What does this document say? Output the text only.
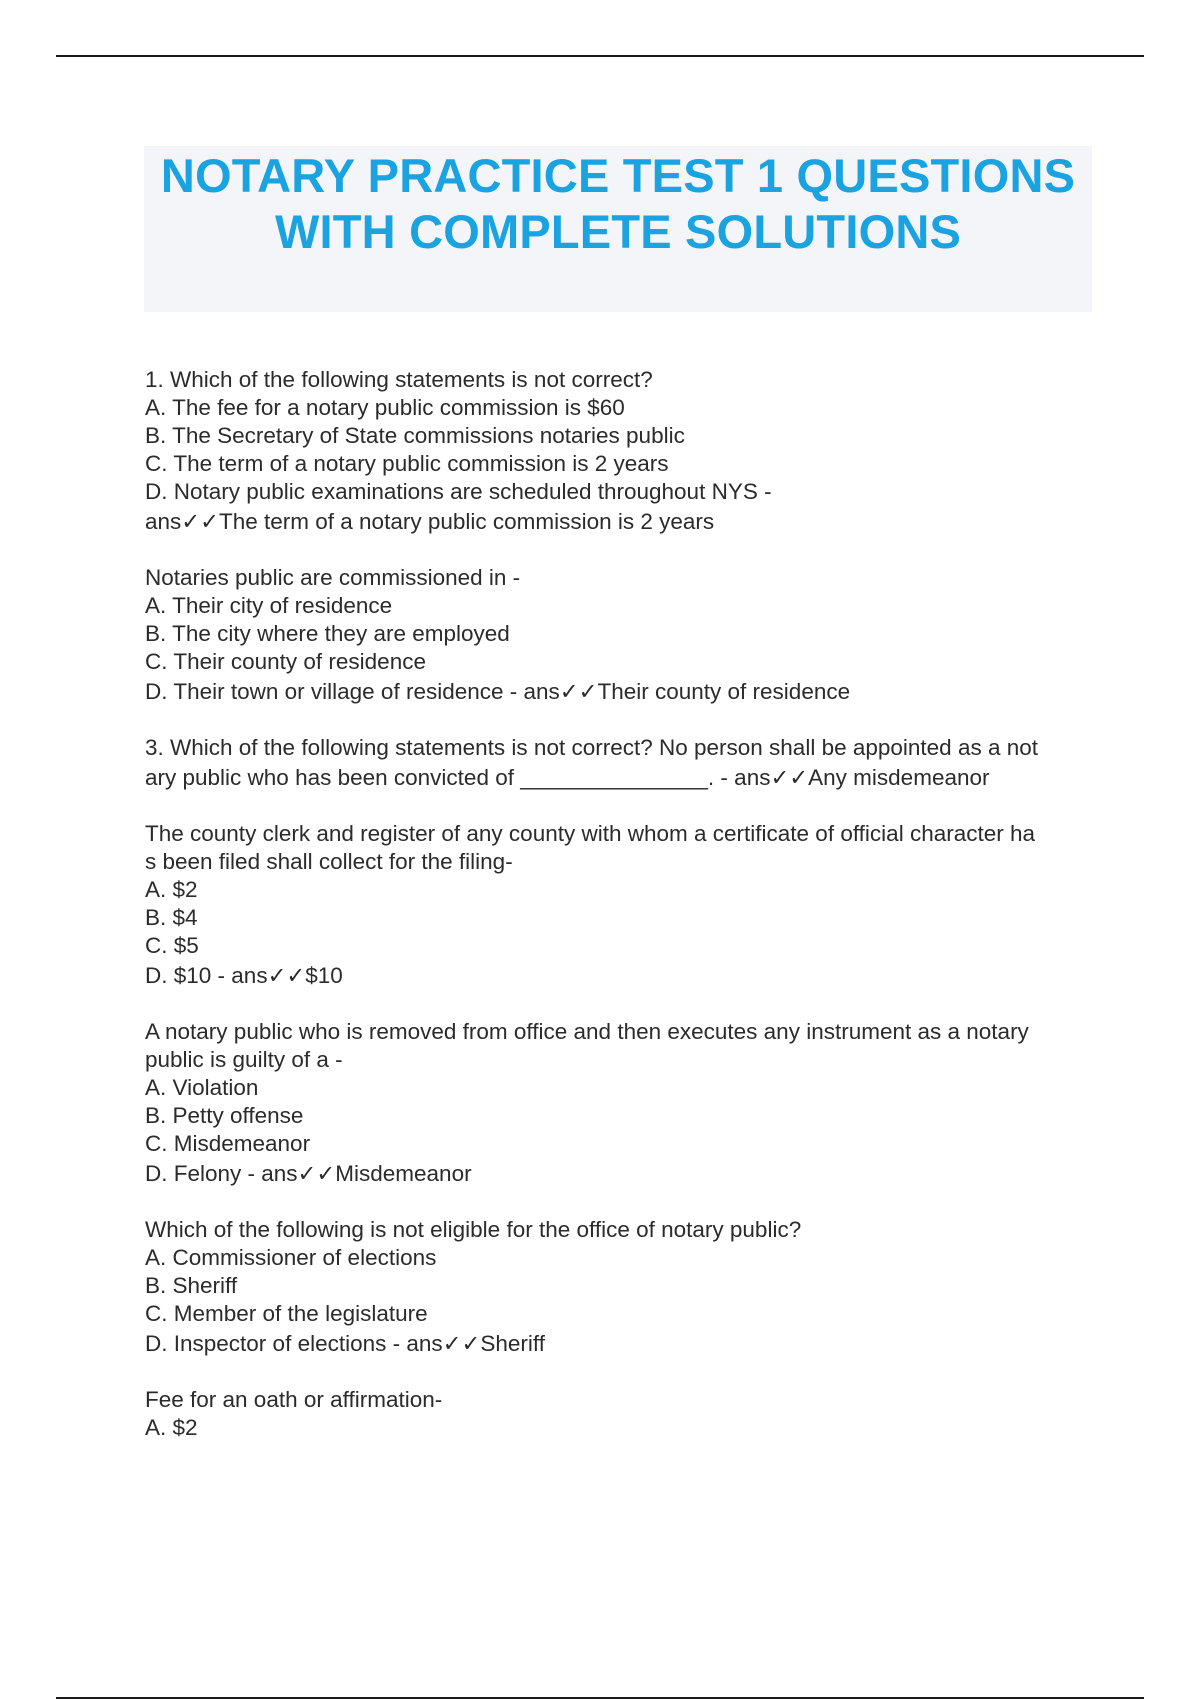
NOTARY PRACTICE TEST 1 QUESTIONS
WITH COMPLETE SOLUTIONS
1. Which of the following statements is not correct?
A. The fee for a notary public commission is $60
B. The Secretary of State commissions notaries public
C. The term of a notary public commission is 2 years
D. Notary public examinations are scheduled throughout NYS -
ans✓✓The term of a notary public commission is 2 years
Notaries public are commissioned in -
A. Their city of residence
B. The city where they are employed
C. Their county of residence
D. Their town or village of residence - ans✓✓Their county of residence
3. Which of the following statements is not correct? No person shall be appointed as a not
ary public who has been convicted of _______________. - ans✓✓Any misdemeanor
The county clerk and register of any county with whom a certificate of official character ha
s been filed shall collect for the filing-
A. $2
B. $4
C. $5
D. $10 - ans✓✓$10
A notary public who is removed from office and then executes any instrument as a notary
public is guilty of a -
A. Violation
B. Petty offense
C. Misdemeanor
D. Felony - ans✓✓Misdemeanor
Which of the following is not eligible for the office of notary public?
A. Commissioner of elections
B. Sheriff
C. Member of the legislature
D. Inspector of elections - ans✓✓Sheriff
Fee for an oath or affirmation-
A. $2
